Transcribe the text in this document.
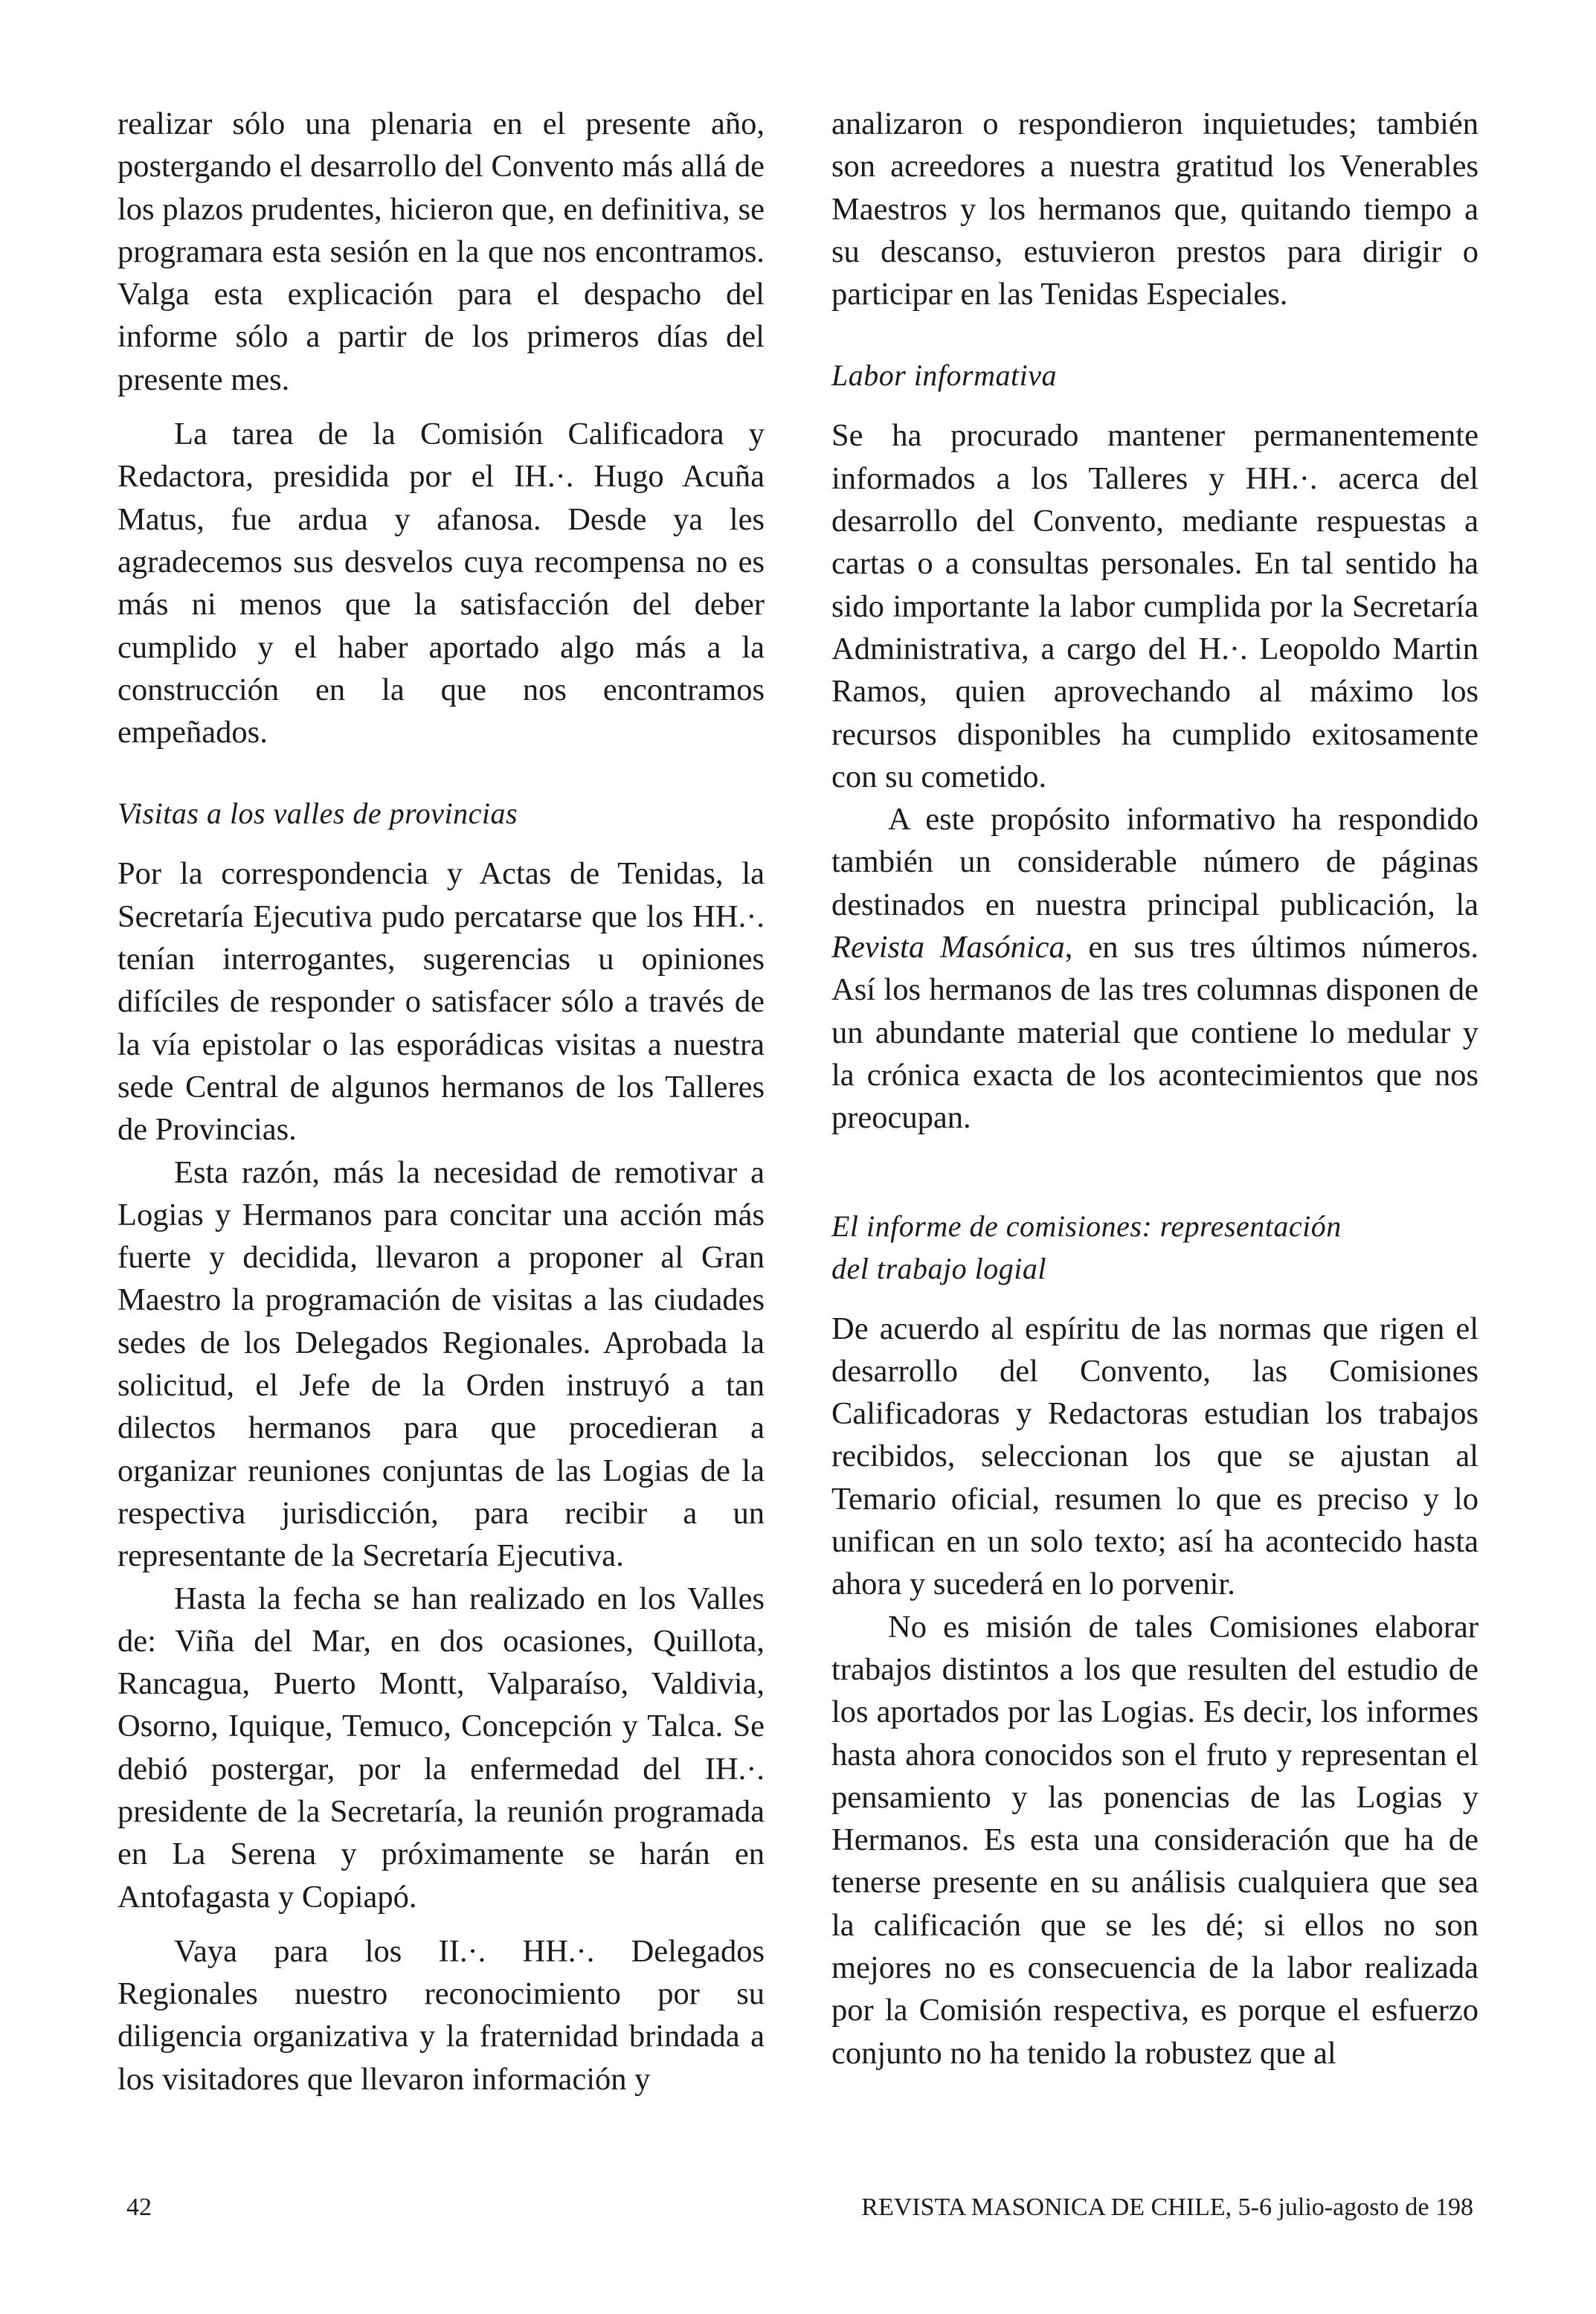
realizar sólo una plenaria en el presente año, postergando el desarrollo del Convento más allá de los plazos prudentes, hicieron que, en definitiva, se programara esta sesión en la que nos encontramos. Valga esta explicación para el despacho del informe sólo a partir de los primeros días del presente mes.

La tarea de la Comisión Calificadora y Redactora, presidida por el IH.·. Hugo Acuña Matus, fue ardua y afanosa. Desde ya les agradecemos sus desvelos cuya recompensa no es más ni menos que la satisfacción del deber cumplido y el haber aportado algo más a la construcción en la que nos encontramos empeñados.

Visitas a los valles de provincias

Por la correspondencia y Actas de Tenidas, la Secretaría Ejecutiva pudo percatarse que los HH.·. tenían interrogantes, sugerencias u opiniones difíciles de responder o satisfacer sólo a través de la vía epistolar o las esporádicas visitas a nuestra sede Central de algunos hermanos de los Talleres de Provincias.

Esta razón, más la necesidad de remotivar a Logias y Hermanos para concitar una acción más fuerte y decidida, llevaron a proponer al Gran Maestro la programación de visitas a las ciudades sedes de los Delegados Regionales. Aprobada la solicitud, el Jefe de la Orden instruyó a tan dilectos hermanos para que procedieran a organizar reuniones conjuntas de las Logias de la respectiva jurisdicción, para recibir a un representante de la Secretaría Ejecutiva.

Hasta la fecha se han realizado en los Valles de: Viña del Mar, en dos ocasiones, Quillota, Rancagua, Puerto Montt, Valparaíso, Valdivia, Osorno, Iquique, Temuco, Concepción y Talca. Se debió postergar, por la enfermedad del IH.·. presidente de la Secretaría, la reunión programada en La Serena y próximamente se harán en Antofagasta y Copiapó.

Vaya para los II.·. HH.·. Delegados Regionales nuestro reconocimiento por su diligencia organizativa y la fraternidad brindada a los visitadores que llevaron información y

analizaron o respondieron inquietudes; también son acreedores a nuestra gratitud los Venerables Maestros y los hermanos que, quitando tiempo a su descanso, estuvieron prestos para dirigir o participar en las Tenidas Especiales.

Labor informativa

Se ha procurado mantener permanentemente informados a los Talleres y HH.·. acerca del desarrollo del Convento, mediante respuestas a cartas o a consultas personales. En tal sentido ha sido importante la labor cumplida por la Secretaría Administrativa, a cargo del H.·. Leopoldo Martin Ramos, quien aprovechando al máximo los recursos disponibles ha cumplido exitosamente con su cometido.

A este propósito informativo ha respondido también un considerable número de páginas destinados en nuestra principal publicación, la Revista Masónica, en sus tres últimos números. Así los hermanos de las tres columnas disponen de un abundante material que contiene lo medular y la crónica exacta de los acontecimientos que nos preocupan.

El informe de comisiones: representación
del trabajo logial

De acuerdo al espíritu de las normas que rigen el desarrollo del Convento, las Comisiones Calificadoras y Redactoras estudian los trabajos recibidos, seleccionan los que se ajustan al Temario oficial, resumen lo que es preciso y lo unifican en un solo texto; así ha acontecido hasta ahora y sucederá en lo porvenir.

No es misión de tales Comisiones elaborar trabajos distintos a los que resulten del estudio de los aportados por las Logias. Es decir, los informes hasta ahora conocidos son el fruto y representan el pensamiento y las ponencias de las Logias y Hermanos. Es esta una consideración que ha de tenerse presente en su análisis cualquiera que sea la calificación que se les dé; si ellos no son mejores no es consecuencia de la labor realizada por la Comisión respectiva, es porque el esfuerzo conjunto no ha tenido la robustez que al

42	REVISTA MASONICA DE CHILE, 5-6 julio-agosto de 198
